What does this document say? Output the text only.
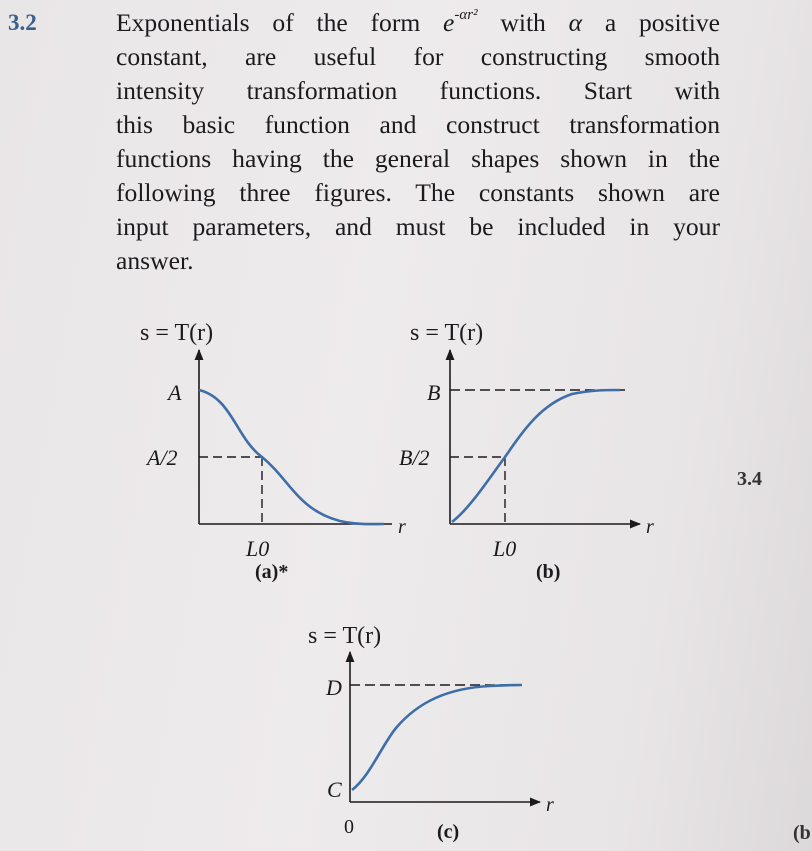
3.2	Exponentials of the form $e^{-\alpha r^2}$ with α a positive
constant, are useful for constructing smooth
intensity transformation functions. Start with
this basic function and construct transformation
functions having the general shapes shown in the
following three figures. The constants shown are
input parameters, and must be included in your
answer.
3.4
(b
s = T(r)
A
A/2
L0
r
(a)*
s = T(r)
B
B/2
L0
r
(b)
s = T(r)
D
C
0
r
(c)
